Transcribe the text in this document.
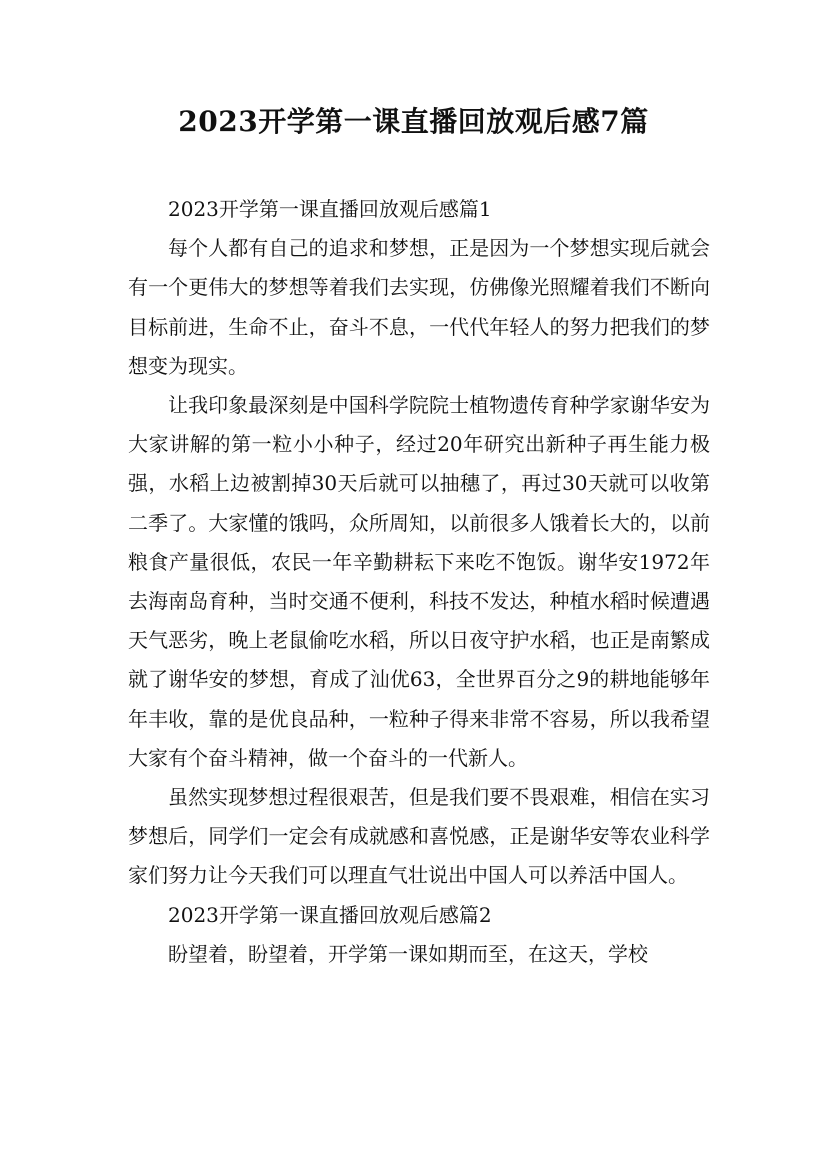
2023开学第一课直播回放观后感7篇

2023开学第一课直播回放观后感篇1

每个人都有自己的追求和梦想，正是因为一个梦想实现后就会有一个更伟大的梦想等着我们去实现，仿佛像光照耀着我们不断向目标前进，生命不止，奋斗不息，一代代年轻人的努力把我们的梦想变为现实。

让我印象最深刻是中国科学院院士植物遗传育种学家谢华安为大家讲解的第一粒小小种子，经过20年研究出新种子再生能力极强，水稻上边被割掉30天后就可以抽穗了，再过30天就可以收第二季了。大家懂的饿吗，众所周知，以前很多人饿着长大的，以前粮食产量很低，农民一年辛勤耕耘下来吃不饱饭。谢华安1972年去海南岛育种，当时交通不便利，科技不发达，种植水稻时候遭遇天气恶劣，晚上老鼠偷吃水稻，所以日夜守护水稻，也正是南繁成就了谢华安的梦想，育成了汕优63，全世界百分之9的耕地能够年年丰收，靠的是优良品种，一粒种子得来非常不容易，所以我希望大家有个奋斗精神，做一个奋斗的一代新人。

虽然实现梦想过程很艰苦，但是我们要不畏艰难，相信在实习梦想后，同学们一定会有成就感和喜悦感，正是谢华安等农业科学家们努力让今天我们可以理直气壮说出中国人可以养活中国人。

2023开学第一课直播回放观后感篇2

盼望着，盼望着，开学第一课如期而至，在这天，学校
